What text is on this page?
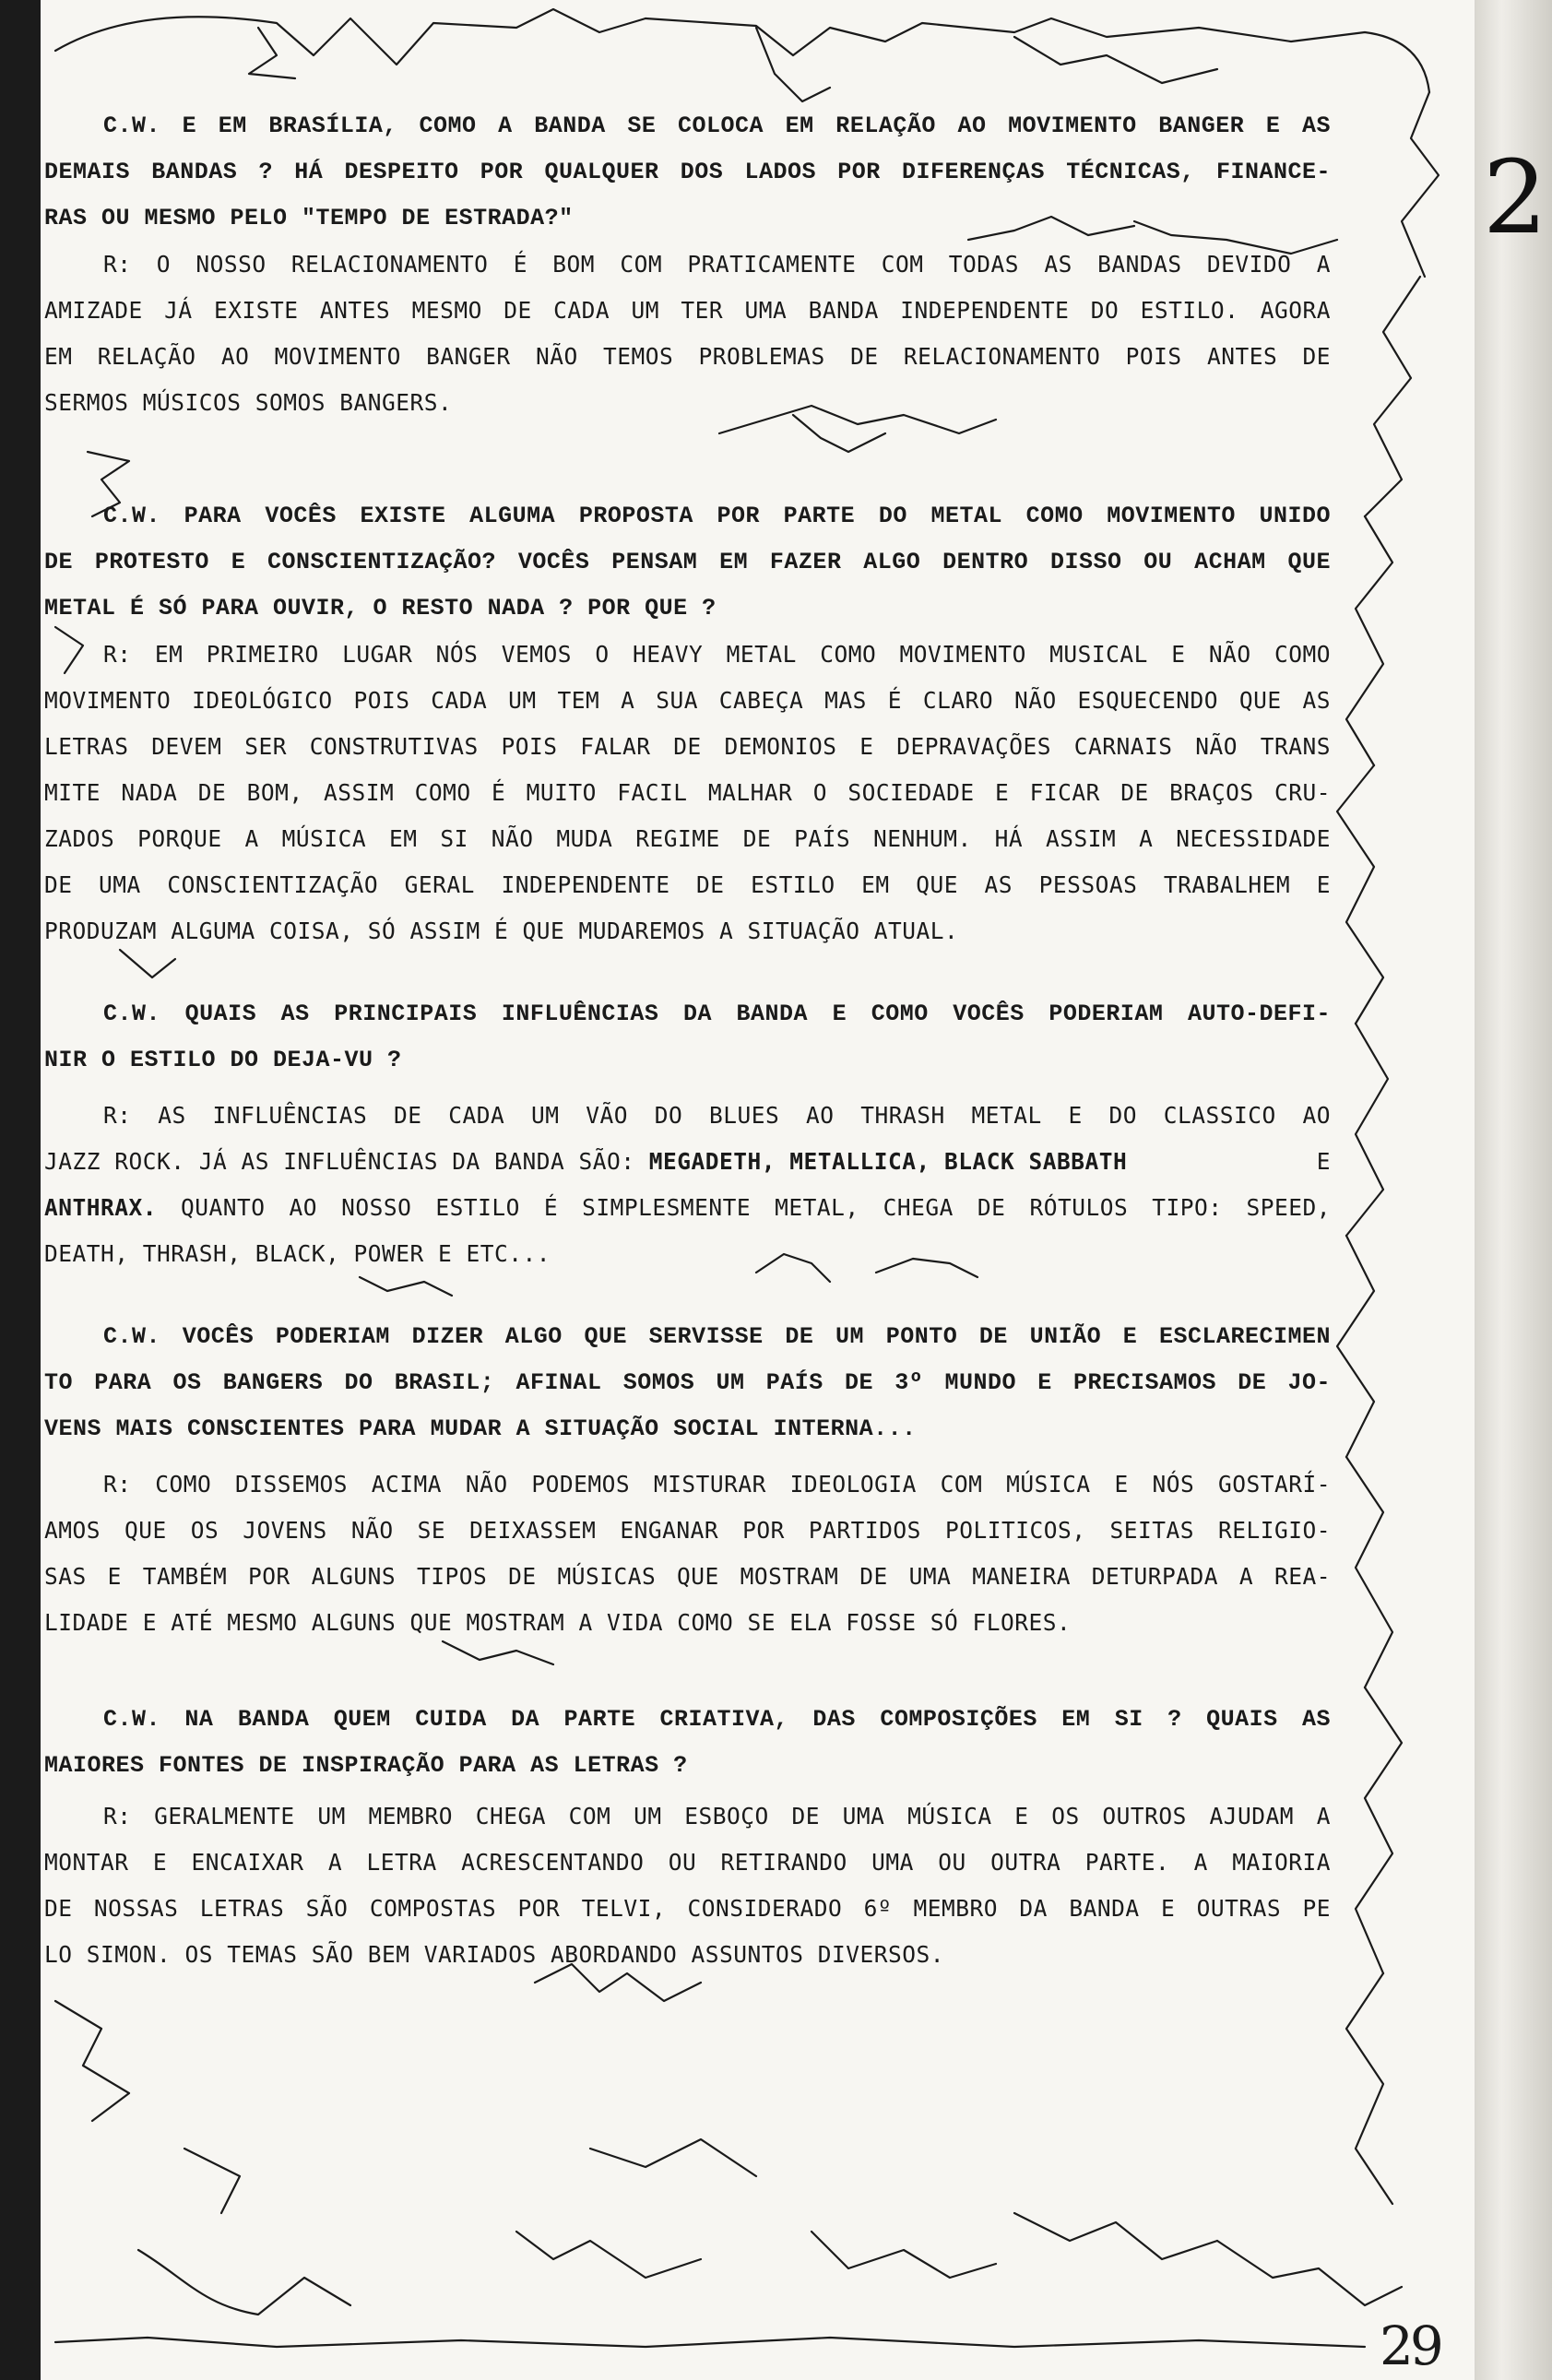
2
C.W. E EM BRASÍLIA, COMO A BANDA SE COLOCA EM RELAÇÃO AO MOVIMENTO BANGER E AS
DEMAIS BANDAS ? HÁ DESPEITO POR QUALQUER DOS LADOS POR DIFERENÇAS TÉCNICAS, FINANCE-
RAS OU MESMO PELO "TEMPO DE ESTRADA?"
R: O NOSSO RELACIONAMENTO É BOM COM PRATICAMENTE COM TODAS AS BANDAS DEVIDO A
AMIZADE JÁ EXISTE ANTES MESMO DE CADA UM TER UMA BANDA INDEPENDENTE DO ESTILO. AGORA
EM RELAÇÃO AO MOVIMENTO BANGER NÃO TEMOS PROBLEMAS DE RELACIONAMENTO POIS ANTES DE
SERMOS MÚSICOS SOMOS BANGERS.
C.W. PARA VOCÊS EXISTE ALGUMA PROPOSTA POR PARTE DO METAL COMO MOVIMENTO UNIDO
DE PROTESTO E CONSCIENTIZAÇÃO? VOCÊS PENSAM EM FAZER ALGO DENTRO DISSO OU ACHAM QUE
METAL É SÓ PARA OUVIR, O RESTO NADA ? POR QUE ?
R: EM PRIMEIRO LUGAR NÓS VEMOS O HEAVY METAL COMO MOVIMENTO MUSICAL E NÃO COMO
MOVIMENTO IDEOLÓGICO POIS CADA UM TEM A SUA CABEÇA MAS É CLARO NÃO ESQUECENDO QUE AS
LETRAS DEVEM SER CONSTRUTIVAS POIS FALAR DE DEMONIOS E DEPRAVAÇÕES CARNAIS NÃO TRANS
MITE NADA DE BOM, ASSIM COMO É MUITO FACIL MALHAR O SOCIEDADE E FICAR DE BRAÇOS CRU-
ZADOS PORQUE A MÚSICA EM SI NÃO MUDA REGIME DE PAÍS NENHUM. HÁ ASSIM A NECESSIDADE
DE UMA CONSCIENTIZAÇÃO GERAL INDEPENDENTE DE ESTILO EM QUE AS PESSOAS TRABALHEM E
PRODUZAM ALGUMA COISA, SÓ ASSIM É QUE MUDAREMOS A SITUAÇÃO ATUAL.
C.W. QUAIS AS PRINCIPAIS INFLUÊNCIAS DA BANDA E COMO VOCÊS PODERIAM AUTO-DEFI-
NIR O ESTILO DO DEJA-VU ?
R: AS INFLUÊNCIAS DE CADA UM VÃO DO BLUES AO THRASH METAL E DO CLASSICO AO
JAZZ ROCK. JÁ AS INFLUÊNCIAS DA BANDA SÃO: MEGADETH, METALLICA, BLACK SABBATH	E
ANTHRAX. QUANTO AO NOSSO ESTILO É SIMPLESMENTE METAL, CHEGA DE RÓTULOS TIPO: SPEED,
DEATH, THRASH, BLACK, POWER E ETC...
C.W. VOCÊS PODERIAM DIZER ALGO QUE SERVISSE DE UM PONTO DE UNIÃO E ESCLARECIMEN
TO PARA OS BANGERS DO BRASIL; AFINAL SOMOS UM PAÍS DE 3º MUNDO E PRECISAMOS DE JO-
VENS MAIS CONSCIENTES PARA MUDAR A SITUAÇÃO SOCIAL INTERNA...
R: COMO DISSEMOS ACIMA NÃO PODEMOS MISTURAR IDEOLOGIA COM MÚSICA E NÓS GOSTARÍ-
AMOS QUE OS JOVENS NÃO SE DEIXASSEM ENGANAR POR PARTIDOS POLITICOS, SEITAS RELIGIO-
SAS E TAMBÉM POR ALGUNS TIPOS DE MÚSICAS QUE MOSTRAM DE UMA MANEIRA DETURPADA A REA-
LIDADE E ATÉ MESMO ALGUNS QUE MOSTRAM A VIDA COMO SE ELA FOSSE SÓ FLORES.
C.W. NA BANDA QUEM CUIDA DA PARTE CRIATIVA, DAS COMPOSIÇÕES EM SI ? QUAIS AS
MAIORES FONTES DE INSPIRAÇÃO PARA AS LETRAS ?
R: GERALMENTE UM MEMBRO CHEGA COM UM ESBOÇO DE UMA MÚSICA E OS OUTROS AJUDAM A
MONTAR E ENCAIXAR A LETRA ACRESCENTANDO OU RETIRANDO UMA OU OUTRA PARTE. A MAIORIA
DE NOSSAS LETRAS SÃO COMPOSTAS POR TELVI, CONSIDERADO 6º MEMBRO DA BANDA E OUTRAS PE
LO SIMON. OS TEMAS SÃO BEM VARIADOS ABORDANDO ASSUNTOS DIVERSOS.
29
